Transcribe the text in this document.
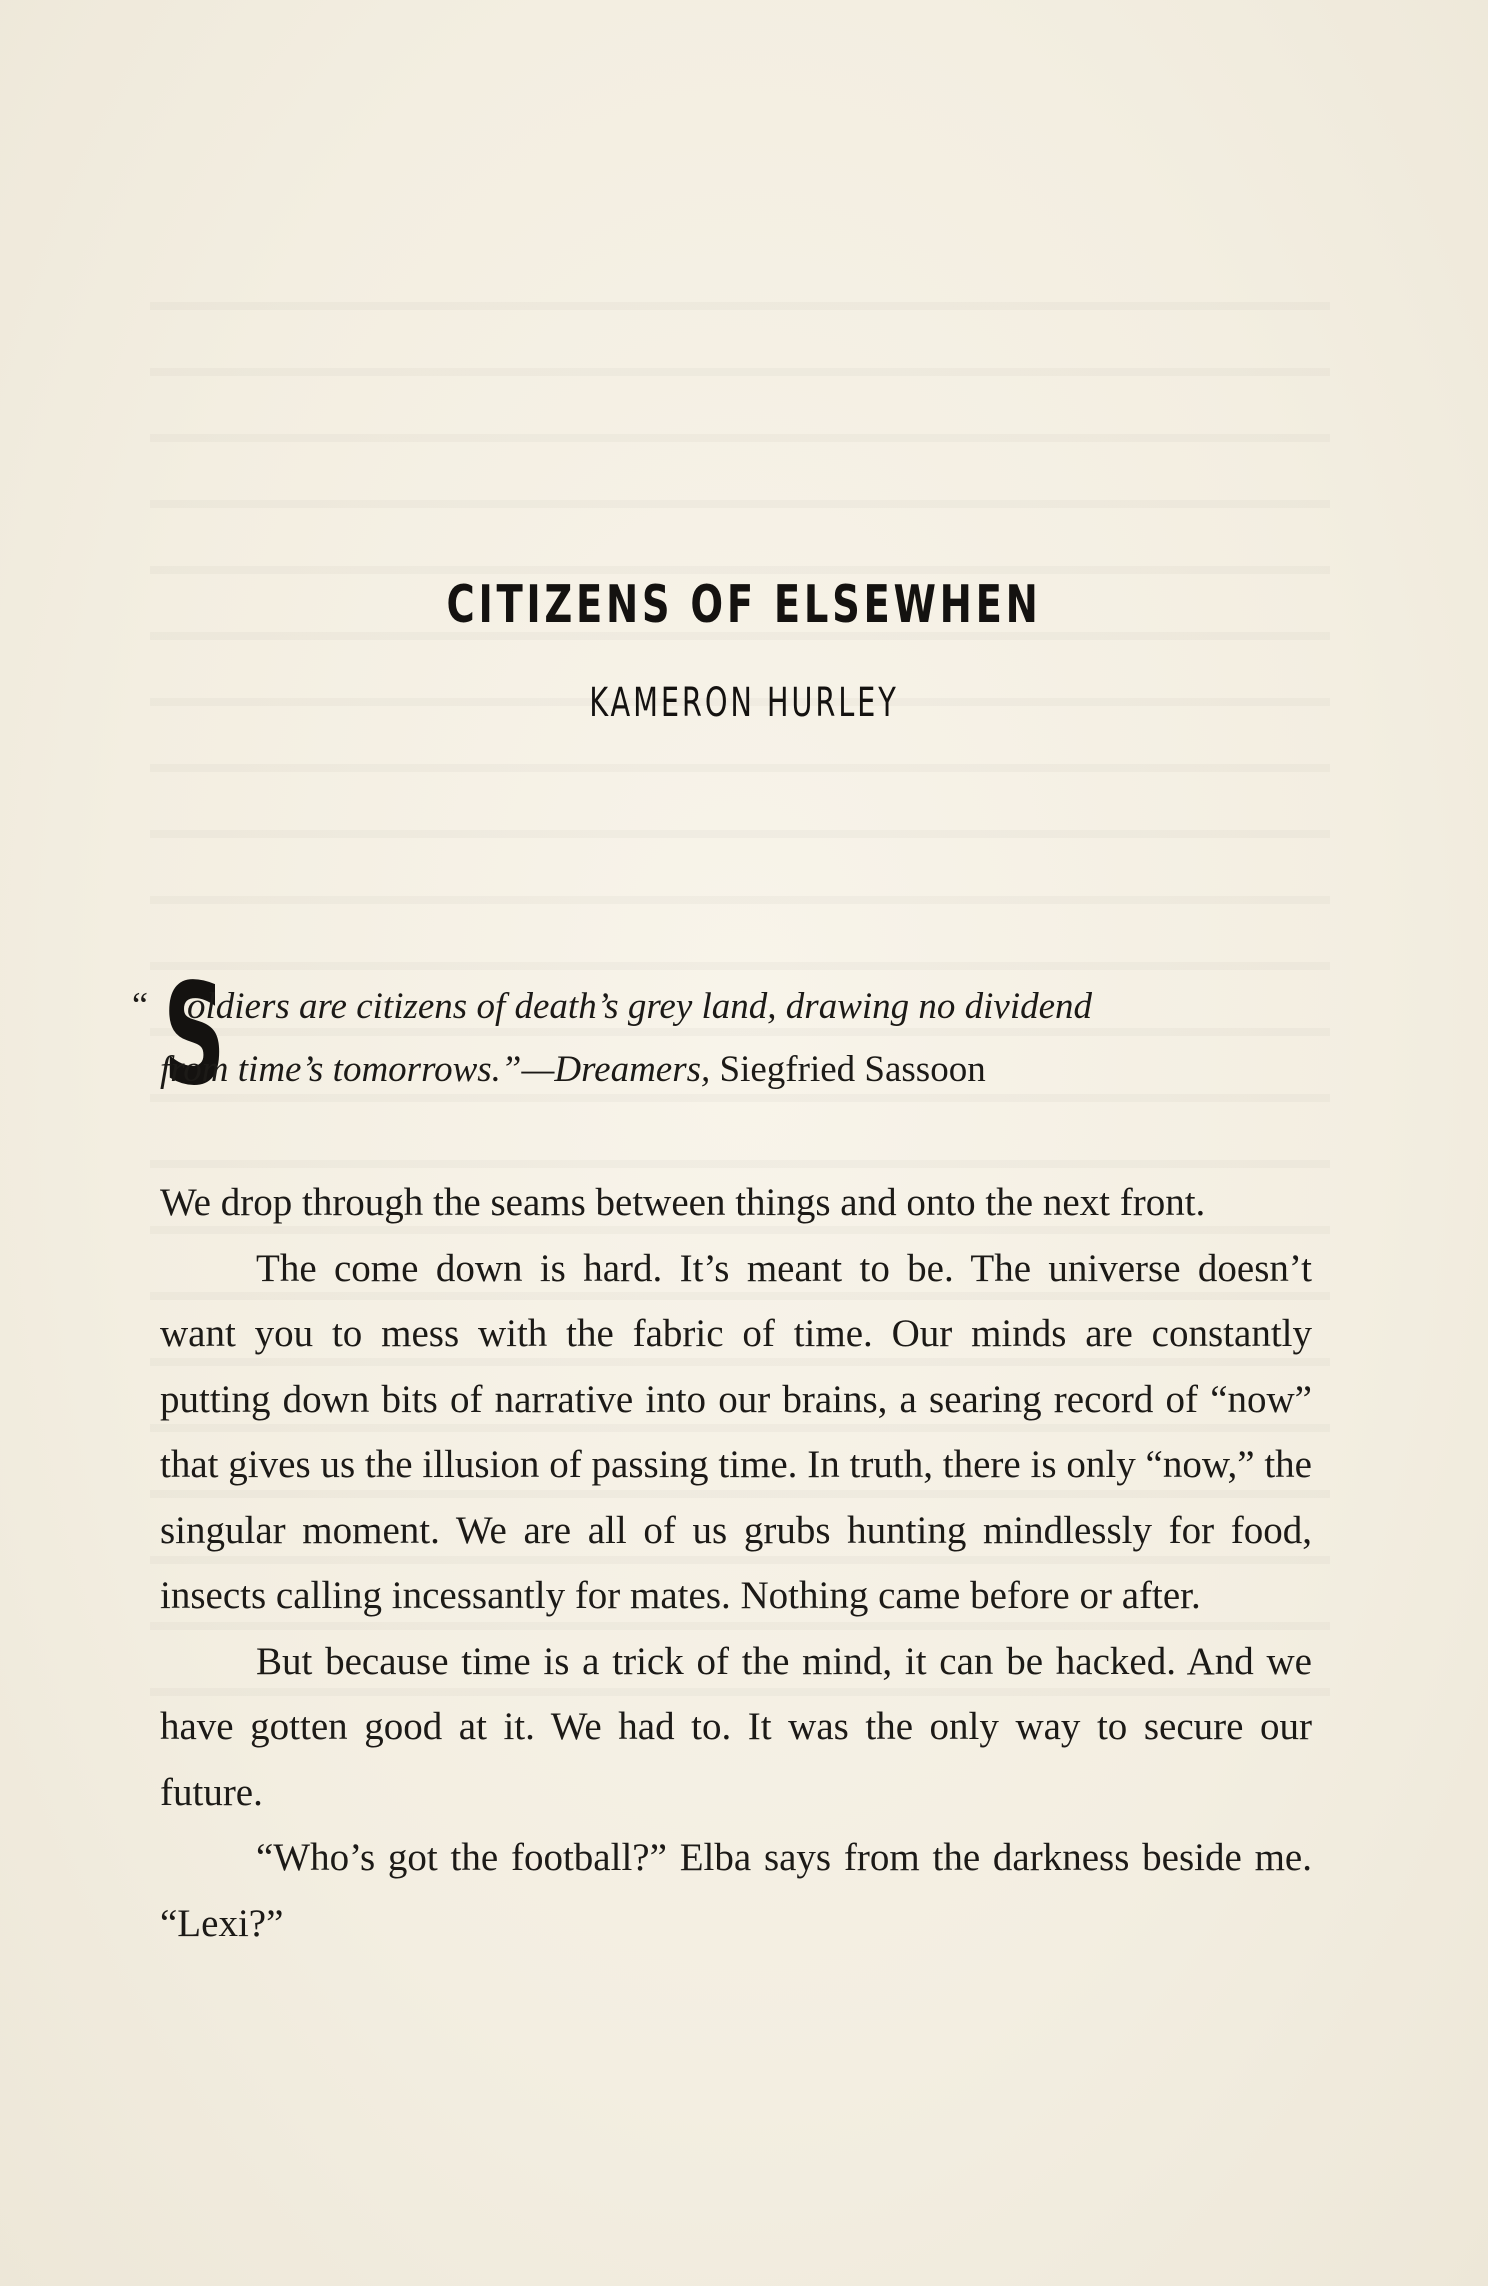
CITIZENS OF ELSEWHEN
KAMERON HURLEY
“ S
oldiers are citizens of death’s grey land, drawing no dividend
from time’s tomorrows.”—Dreamers, Siegfried Sassoon

We drop through the seams between things and onto the next front.

The come down is hard. It’s meant to be. The universe doesn’t want you to mess with the fabric of time. Our minds are constantly putting down bits of narrative into our brains, a searing record of “now” that gives us the illusion of passing time. In truth, there is only “now,” the singular moment. We are all of us grubs hunting mindlessly for food, insects calling incessantly for mates. Nothing came before or after.

But because time is a trick of the mind, it can be hacked. And we have gotten good at it. We had to. It was the only way to secure our future.

“Who’s got the football?” Elba says from the darkness beside me. “Lexi?”
